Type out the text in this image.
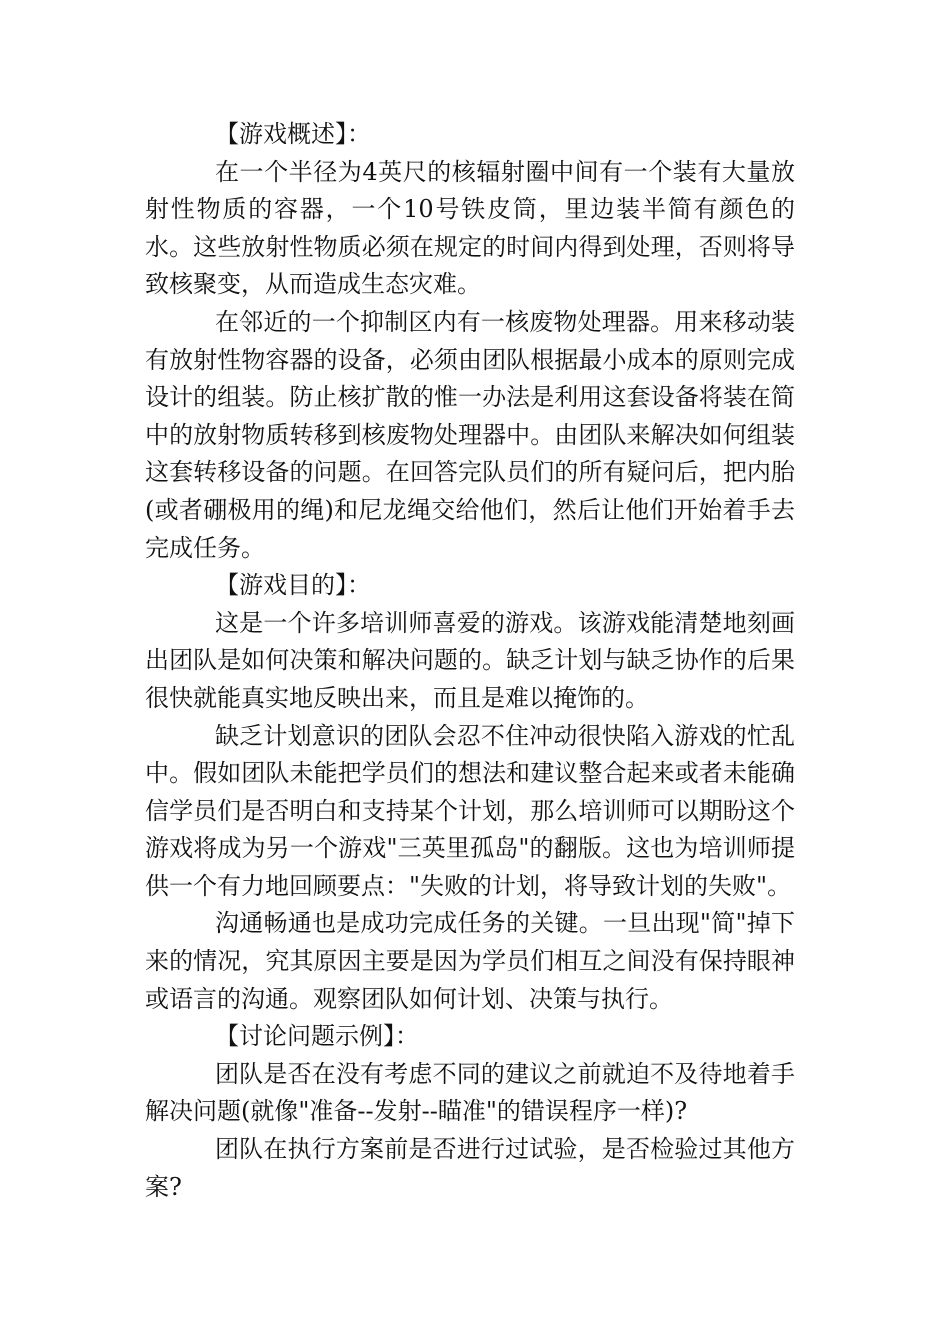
【游戏概述】：

在一个半径为4英尺的核辐射圈中间有一个装有大量放射性物质的容器，一个10号铁皮筒，里边装半简有颜色的水。这些放射性物质必须在规定的时间内得到处理，否则将导致核聚变，从而造成生态灾难。

在邻近的一个抑制区内有一核废物处理器。用来移动装有放射性物容器的设备，必须由团队根据最小成本的原则完成设计的组装。防止核扩散的惟一办法是利用这套设备将装在简中的放射物质转移到核废物处理器中。由团队来解决如何组装这套转移设备的问题。在回答完队员们的所有疑问后，把内胎(或者硼极用的绳)和尼龙绳交给他们，然后让他们开始着手去完成任务。

【游戏目的】：

这是一个许多培训师喜爱的游戏。该游戏能清楚地刻画出团队是如何决策和解决问题的。缺乏计划与缺乏协作的后果很快就能真实地反映出来，而且是难以掩饰的。

缺乏计划意识的团队会忍不住冲动很快陷入游戏的忙乱中。假如团队未能把学员们的想法和建议整合起来或者未能确信学员们是否明白和支持某个计划，那么培训师可以期盼这个游戏将成为另一个游戏"三英里孤岛"的翻版。这也为培训师提供一个有力地回顾要点："失败的计划，将导致计划的失败"。

沟通畅通也是成功完成任务的关键。一旦出现"简"掉下来的情况，究其原因主要是因为学员们相互之间没有保持眼神或语言的沟通。观察团队如何计划、决策与执行。

【讨论问题示例】：

团队是否在没有考虑不同的建议之前就迫不及待地着手解决问题(就像"准备--发射--瞄准"的错误程序一样)?

团队在执行方案前是否进行过试验，是否检验过其他方案?
